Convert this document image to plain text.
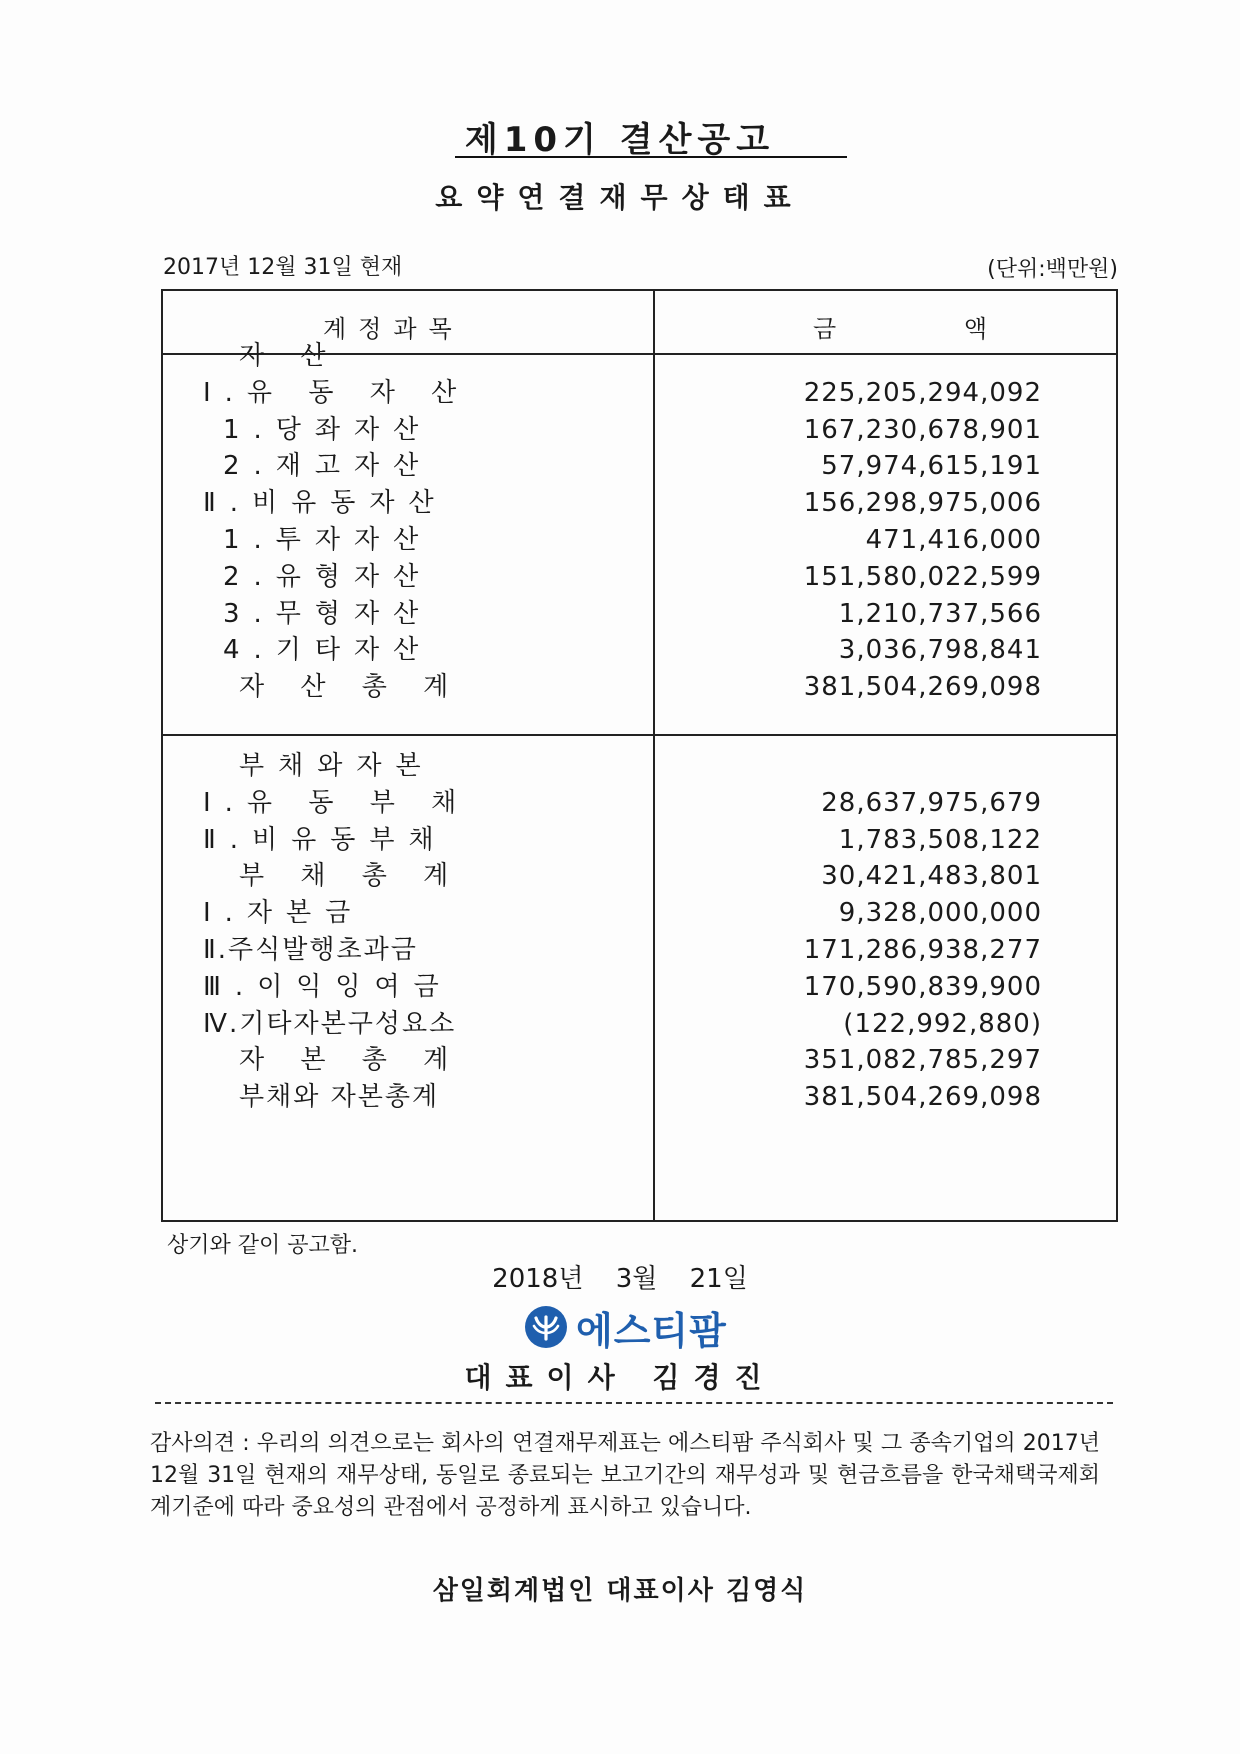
제10기 결산공고
요약연결재무상태표
2017년 12월 31일 현재	(단위:백만원)
계정과목	금 액
자 산
Ⅰ.유 동 자 산	225,205,294,092
1.당좌자산	167,230,678,901
2.재고자산	57,974,615,191
Ⅱ.비유동자산	156,298,975,006
1.투자자산	471,416,000
2.유형자산	151,580,022,599
3.무형자산	1,210,737,566
4.기타자산	3,036,798,841
자 산 총 계	381,504,269,098
부채와자본
Ⅰ.유 동 부 채	28,637,975,679
Ⅱ.비유동부채	1,783,508,122
부 채 총 계	30,421,483,801
Ⅰ.자본금	9,328,000,000
Ⅱ.주식발행초과금	171,286,938,277
Ⅲ.이익잉여금	170,590,839,900
Ⅳ.기타자본구성요소	(122,992,880)
자 본 총 계	351,082,785,297
부채와 자본총계	381,504,269,098
상기와 같이 공고함.
2018년 3월 21일
에스티팜
대표이사 김경진
감사의견 : 우리의 의견으로는 회사의 연결재무제표는 에스티팜 주식회사 및 그 종속기업의 2017년 12월 31일 현재의 재무상태, 동일로 종료되는 보고기간의 재무성과 및 현금흐름을 한국채택국제회계기준에 따라 중요성의 관점에서 공정하게 표시하고 있습니다.
삼일회계법인 대표이사 김영식
